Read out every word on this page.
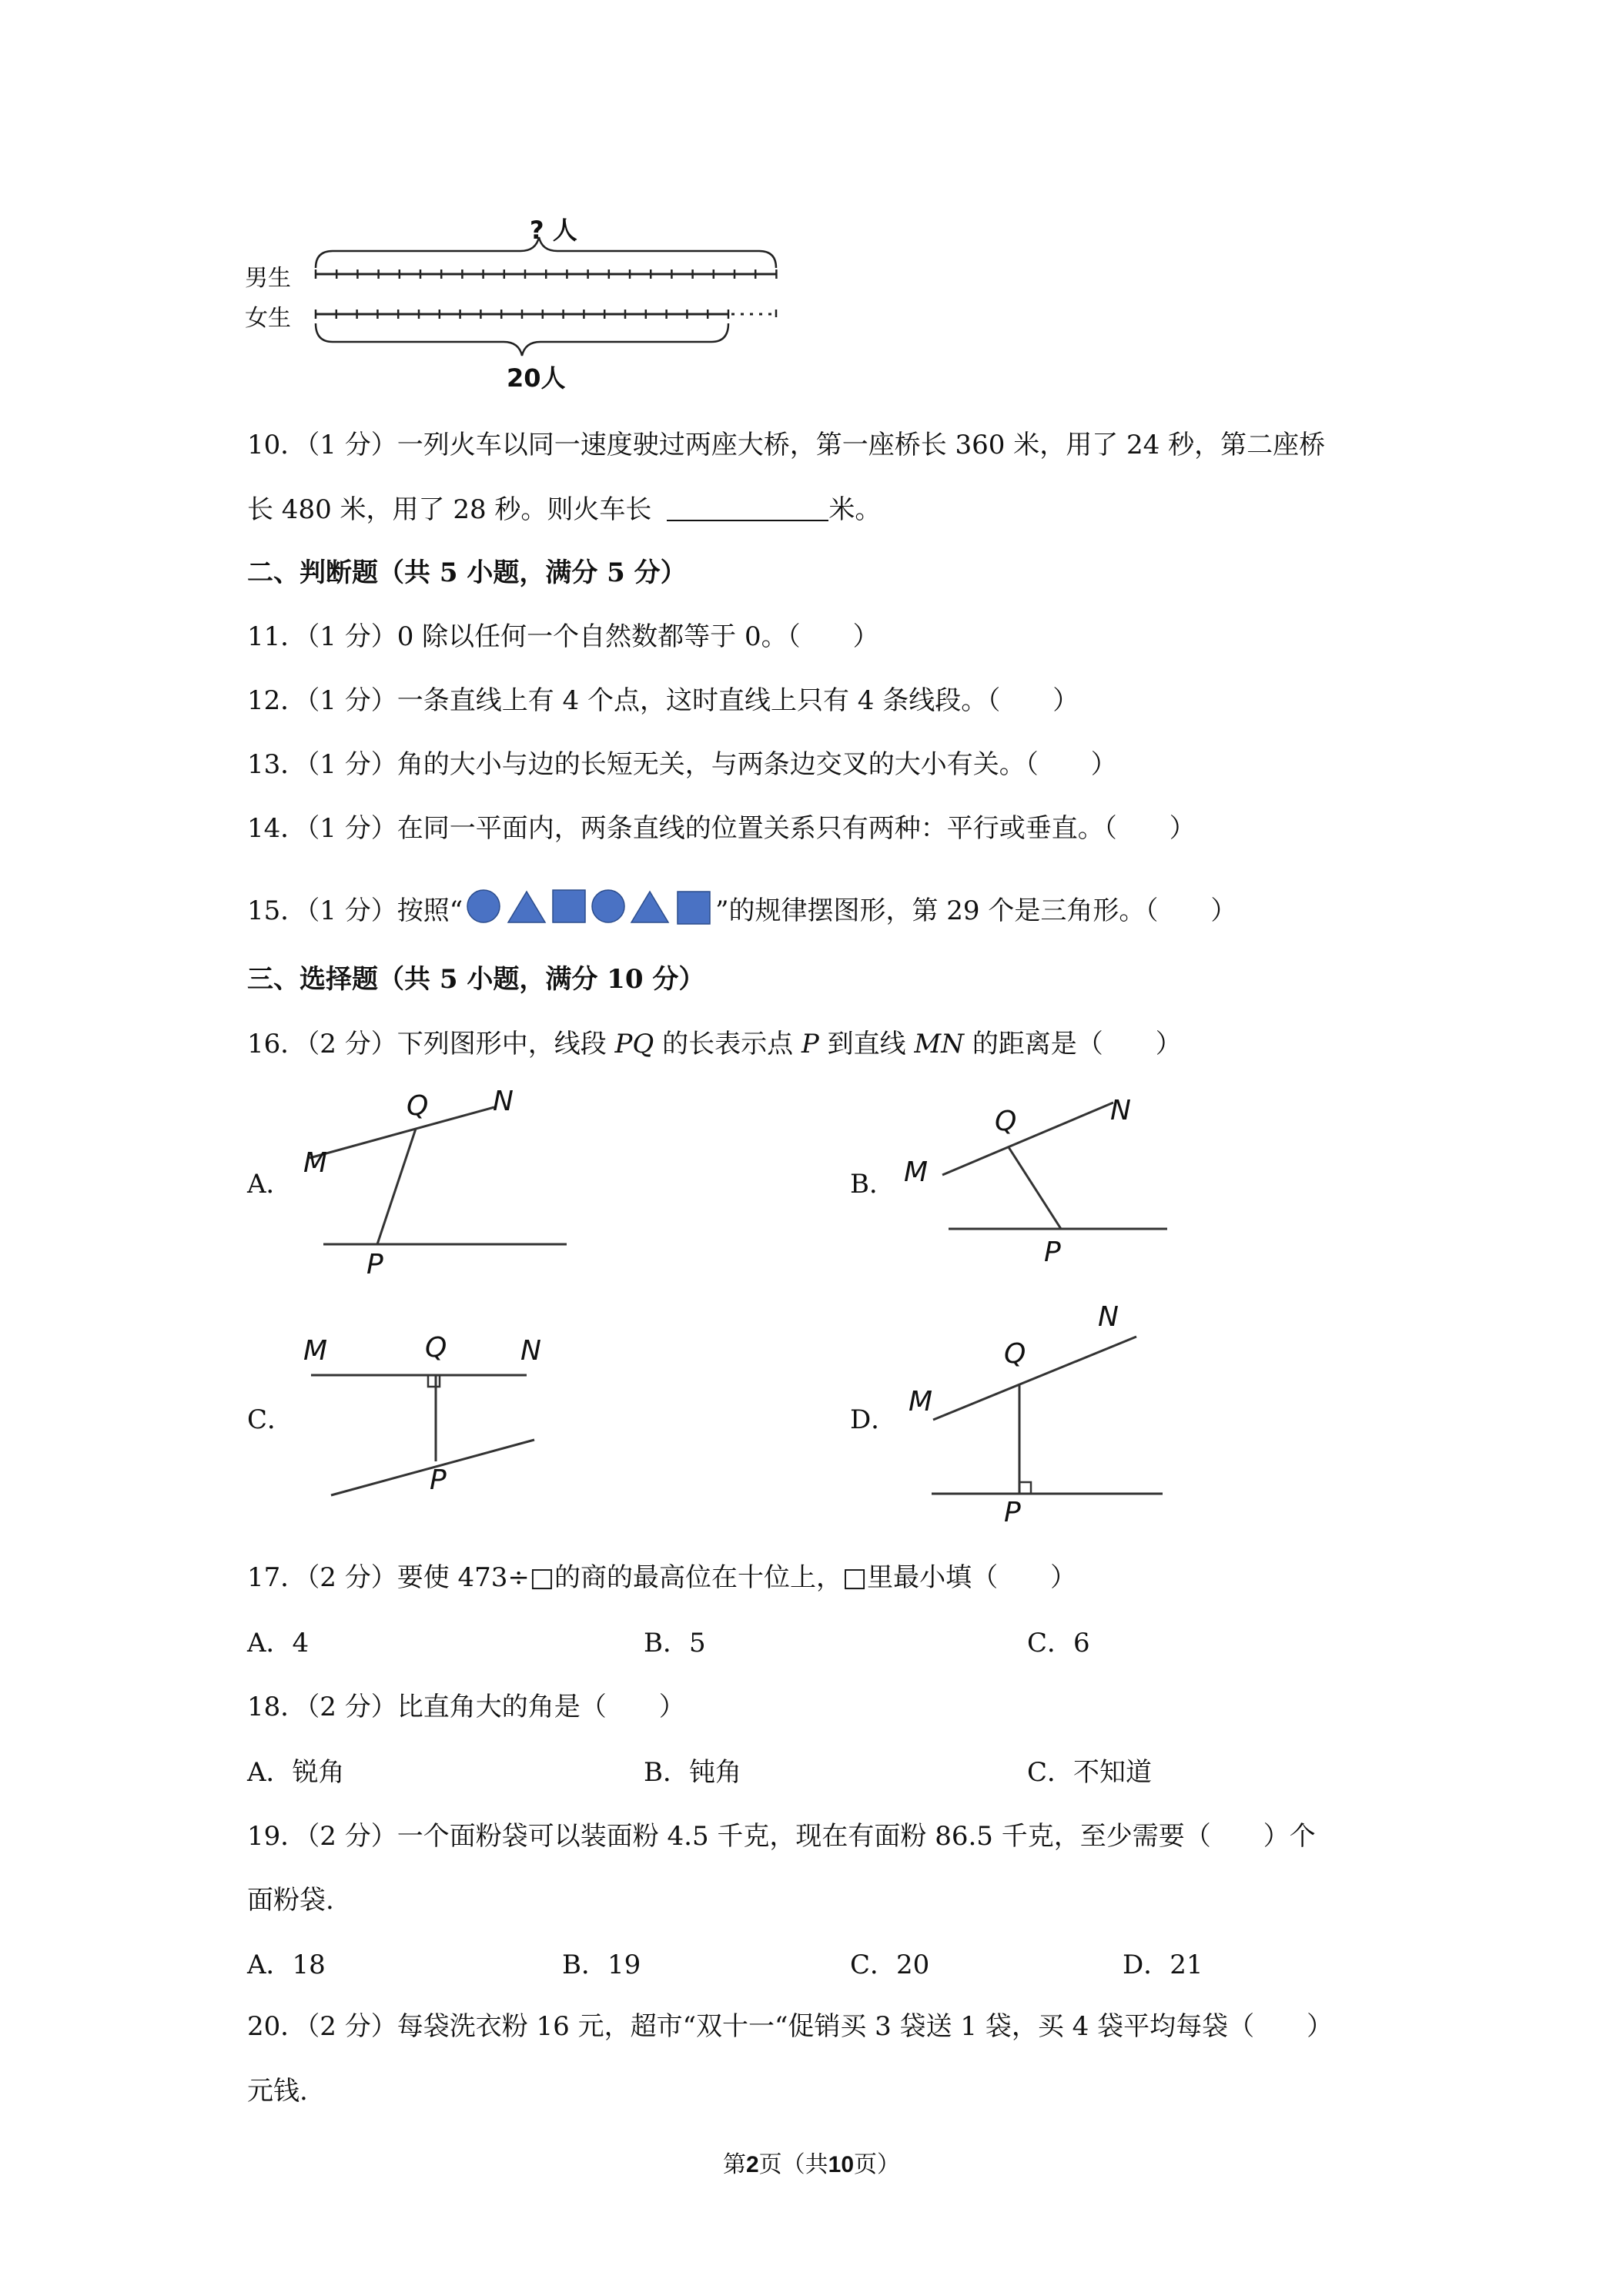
? 人
男生
女生
20人
10．（1 分）一列火车以同一速度驶过两座大桥，第一座桥长 360 米，用了 24 秒，第二座桥
长 480 米，用了 28 秒。则火车长	米。
二、判断题（共 5 小题，满分 5 分）
11．（1 分）0 除以任何一个自然数都等于 0。（　　）
12．（1 分）一条直线上有 4 个点，这时直线上只有 4 条线段。（　　）
13．（1 分）角的大小与边的长短无关，与两条边交叉的大小有关。（　　）
14．（1 分）在同一平面内，两条直线的位置关系只有两种：平行或垂直。（　　）
15．（1 分）按照“	”的规律摆图形，第 29 个是三角形。（　　）
三、选择题（共 5 小题，满分 10 分）
16．（2 分）下列图形中，线段 PQ 的长表示点 P 到直线 MN 的距离是（　　）
A．
M
Q N
P
B． M
Q	N
P
C．
M	Q	N
P
D．
M
Q
N
P
17．（2 分）要使 473÷□的商的最高位在十位上，□里最小填（　　）
A．4	B．5	C．6
18．（2 分）比直角大的角是（　　）
A．锐角	B．钝角	C．不知道
19．（2 分）一个面粉袋可以装面粉 4.5 千克，现在有面粉 86.5 千克，至少需要（　　）个
面粉袋.
A．18	B．19	C．20	D．21
20．（2 分）每袋洗衣粉 16 元，超市“双十一“促销买 3 袋送 1 袋，买 4 袋平均每袋（　　）
元钱.
第2页（共10页）
